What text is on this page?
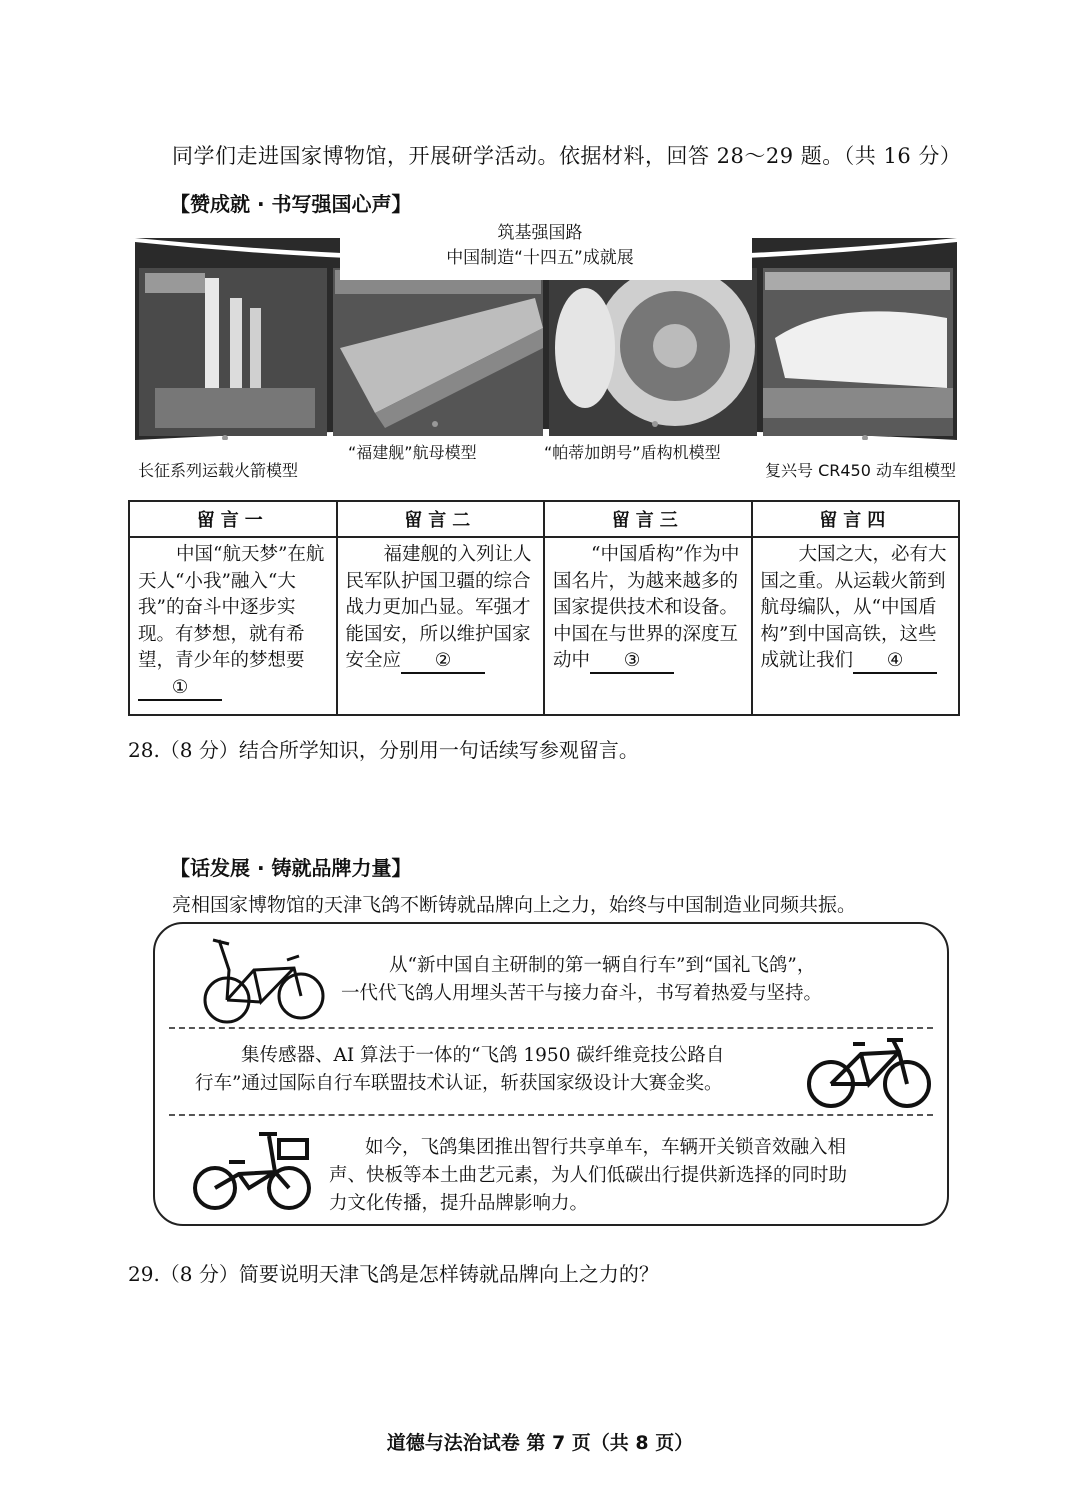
同学们走进国家博物馆，开展研学活动。依据材料，回答 28～29 题。（共 16 分）
【赞成就 · 书写强国心声】
筑基强国路
中国制造“十四五”成就展
长征系列运载火箭模型
“福建舰”航母模型	“帕蒂加朗号”盾构机模型
复兴号 CR450 动车组模型
留言一	留言二	留言三	留言四
中国“航天梦”在航天人“小我”融入“大我”的奋斗中逐步实现。有梦想，就有希望，青少年的梦想要①	福建舰的入列让人民军队护国卫疆的综合战力更加凸显。军强才能国安，所以维护国家安全应 ②	“中国盾构”作为中国名片，为越来越多的国家提供技术和设备。中国在与世界的深度互动中 ③	大国之大，必有大国之重。从运载火箭到航母编队，从“中国盾构”到中国高铁，这些成就让我们 ④
28.（8 分）结合所学知识，分别用一句话续写参观留言。
【话发展 · 铸就品牌力量】
亮相国家博物馆的天津飞鸽不断铸就品牌向上之力，始终与中国制造业同频共振。
从“新中国自主研制的第一辆自行车”到“国礼飞鸽”，
一代代飞鸽人用埋头苦干与接力奋斗，书写着热爱与坚持。
集传感器、AI 算法于一体的“飞鸽 1950 碳纤维竞技公路自
行车”通过国际自行车联盟技术认证，斩获国家级设计大赛金奖。
如今，飞鸽集团推出智行共享单车，车辆开关锁音效融入相
声、快板等本土曲艺元素，为人们低碳出行提供新选择的同时助
力文化传播，提升品牌影响力。
29.（8 分）简要说明天津飞鸽是怎样铸就品牌向上之力的？
道德与法治试卷 第 7 页（共 8 页）
